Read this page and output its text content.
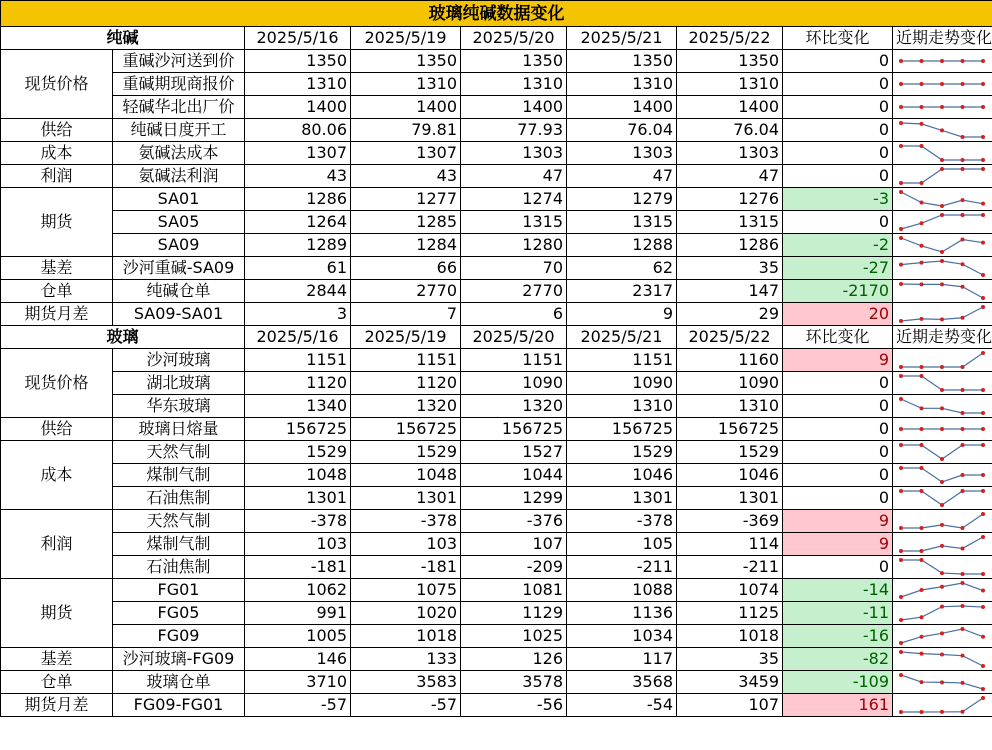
玻璃纯碱数据变化								
纯碱		2025/5/16	2025/5/19	2025/5/20	2025/5/21	2025/5/22	环比变化	近期走势变化
现货价格	重碱沙河送到价	1350	1350	1350	1350	1350	0	

	重碱期现商报价	1310	1310	1310	1310	1310	0	

	轻碱华北出厂价	1400	1400	1400	1400	1400	0	

供给	纯碱日度开工	80.06	79.81	77.93	76.04	76.04	0	

成本	氨碱法成本	1307	1307	1303	1303	1303	0	

利润	氨碱法利润	43	43	47	47	47	0	

期货	SA01	1286	1277	1274	1279	1276	-3	

	SA05	1264	1285	1315	1315	1315	0	

	SA09	1289	1284	1280	1288	1286	-2	

基差	沙河重碱-SA09	61	66	70	62	35	-27	

仓单	纯碱仓单	2844	2770	2770	2317	147	-2170	

期货月差	SA09-SA01	3	7	6	9	29	20	

玻璃		2025/5/16	2025/5/19	2025/5/20	2025/5/21	2025/5/22	环比变化	近期走势变化
现货价格	沙河玻璃	1151	1151	1151	1151	1160	9	

	湖北玻璃	1120	1120	1090	1090	1090	0	

	华东玻璃	1340	1320	1320	1310	1310	0	

供给	玻璃日熔量	156725	156725	156725	156725	156725	0	

成本	天然气制	1529	1529	1527	1529	1529	0	

	煤制气制	1048	1048	1044	1046	1046	0	

	石油焦制	1301	1301	1299	1301	1301	0	

利润	天然气制	-378	-378	-376	-378	-369	9	

	煤制气制	103	103	107	105	114	9	

	石油焦制	-181	-181	-209	-211	-211	0	

期货	FG01	1062	1075	1081	1088	1074	-14	

	FG05	991	1020	1129	1136	1125	-11	

	FG09	1005	1018	1025	1034	1018	-16	

基差	沙河玻璃-FG09	146	133	126	117	35	-82	

仓单	玻璃仓单	3710	3583	3578	3568	3459	-109	

期货月差	FG09-FG01	-57	-57	-56	-54	107	161	
